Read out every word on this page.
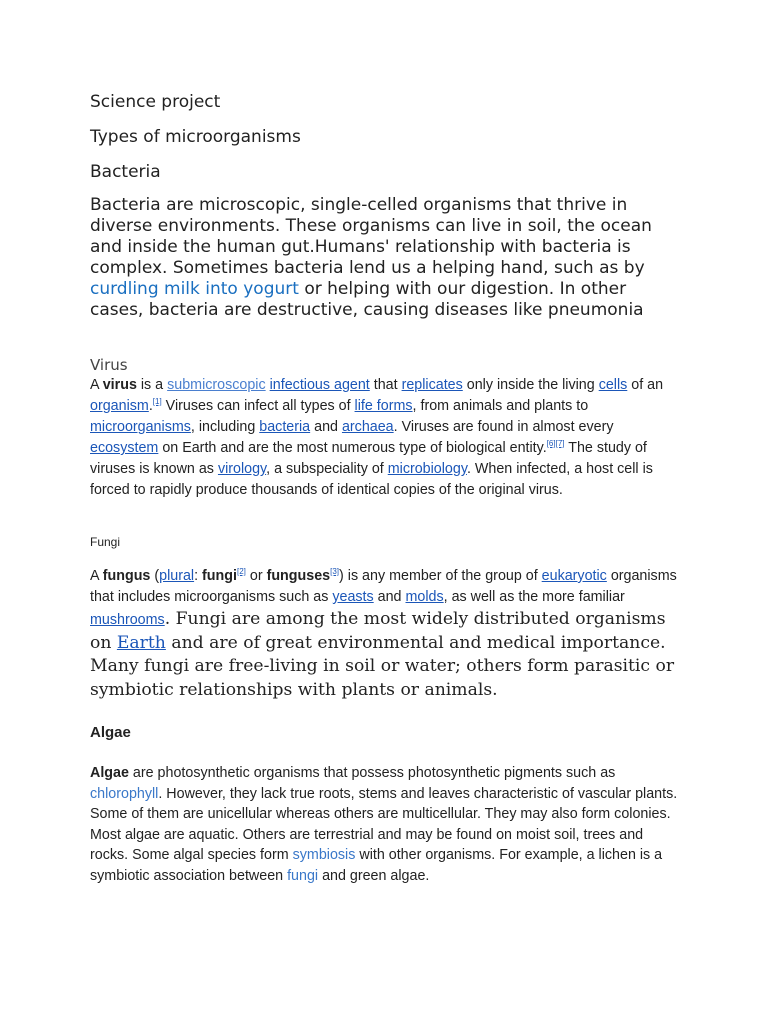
Science project
Types of microorganisms
Bacteria

Bacteria are microscopic, single-celled organisms that thrive in diverse environments. These organisms can live in soil, the ocean and inside the human gut.Humans' relationship with bacteria is complex. Sometimes bacteria lend us a helping hand, such as by curdling milk into yogurt or helping with our digestion. In other cases, bacteria are destructive, causing diseases like pneumonia

Virus

A virus is a submicroscopic infectious agent that replicates only inside the living cells of an organism.[1] Viruses can infect all types of life forms, from animals and plants to microorganisms, including bacteria and archaea. Viruses are found in almost every ecosystem on Earth and are the most numerous type of biological entity.[6][7] The study of viruses is known as virology, a subspeciality of microbiology. When infected, a host cell is forced to rapidly produce thousands of identical copies of the original virus.

Fungi

A fungus (plural: fungi[2] or funguses[3]) is any member of the group of eukaryotic organisms that includes microorganisms such as yeasts and molds, as well as the more familiar mushrooms. Fungi are among the most widely distributed organisms on Earth and are of great environmental and medical importance. Many fungi are free-living in soil or water; others form parasitic or symbiotic relationships with plants or animals.

Algae

Algae are photosynthetic organisms that possess photosynthetic pigments such as chlorophyll. However, they lack true roots, stems and leaves characteristic of vascular plants. Some of them are unicellular whereas others are multicellular. They may also form colonies. Most algae are aquatic. Others are terrestrial and may be found on moist soil, trees and rocks. Some algal species form symbiosis with other organisms. For example, a lichen is a symbiotic association between fungi and green algae.
